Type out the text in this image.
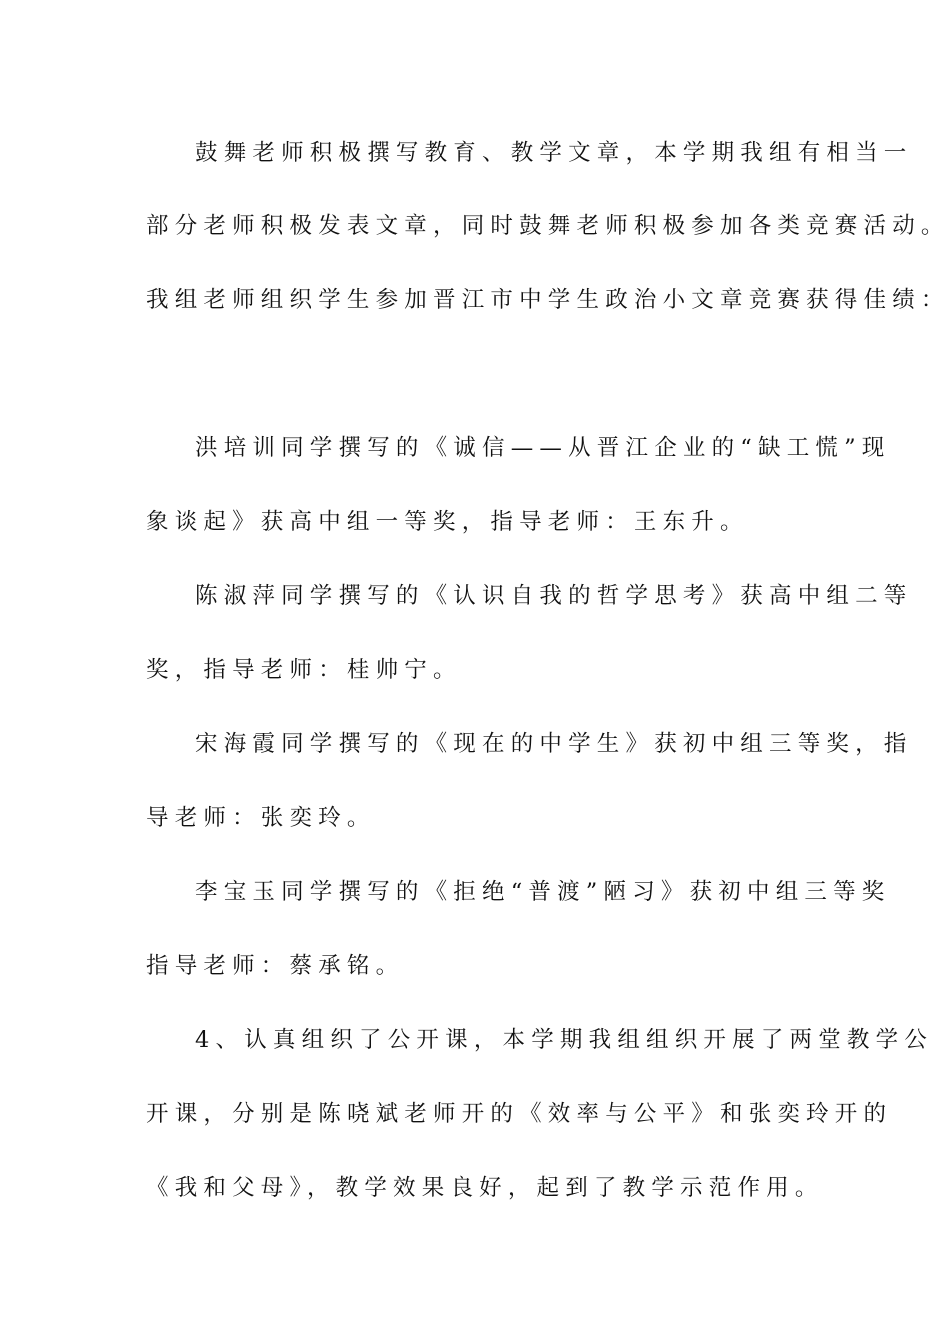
鼓舞老师积极撰写教育、教学文章，本学期我组有相当一
部分老师积极发表文章，同时鼓舞老师积极参加各类竞赛活动。
我组老师组织学生参加晋江市中学生政治小文章竞赛获得佳绩：
洪培训同学撰写的《诚信——从晋江企业的“缺工慌”现
象谈起》获高中组一等奖，指导老师：王东升。
陈淑萍同学撰写的《认识自我的哲学思考》获高中组二等
奖，指导老师：桂帅宁。
宋海霞同学撰写的《现在的中学生》获初中组三等奖，指
导老师：张奕玲。
李宝玉同学撰写的《拒绝“普渡”陋习》获初中组三等奖
指导老师：蔡承铭。
4、认真组织了公开课，本学期我组组织开展了两堂教学公
开课，分别是陈哓斌老师开的《效率与公平》和张奕玲开的
《我和父母》，教学效果良好，起到了教学示范作用。
